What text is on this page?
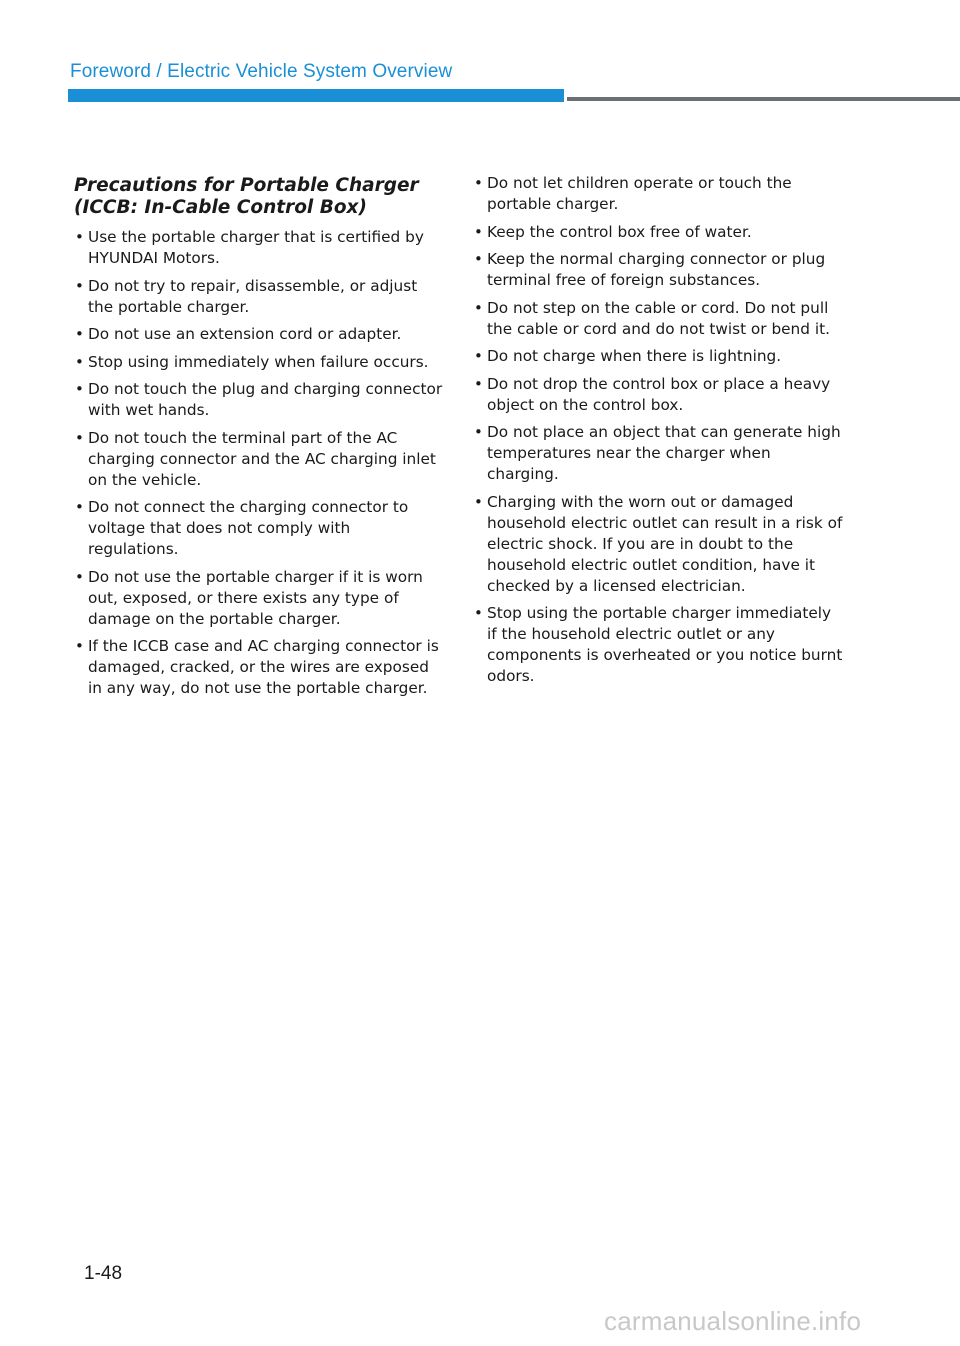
Foreword / Electric Vehicle System Overview
Precautions for Portable Charger (ICCB: In-Cable Control Box)
• Use the portable charger that is certified by HYUNDAI Motors.
• Do not try to repair, disassemble, or adjust the portable charger.
• Do not use an extension cord or adapter.
• Stop using immediately when failure occurs.
• Do not touch the plug and charging connector with wet hands.
• Do not touch the terminal part of the AC charging connector and the AC charging inlet on the vehicle.
• Do not connect the charging connector to voltage that does not comply with regulations.
• Do not use the portable charger if it is worn out, exposed, or there exists any type of damage on the portable charger.
• If the ICCB case and AC charging connector is damaged, cracked, or the wires are exposed in any way, do not use the portable charger.
• Do not let children operate or touch the portable charger.
• Keep the control box free of water.
• Keep the normal charging connector or plug terminal free of foreign substances.
• Do not step on the cable or cord. Do not pull the cable or cord and do not twist or bend it.
• Do not charge when there is lightning.
• Do not drop the control box or place a heavy object on the control box.
• Do not place an object that can generate high temperatures near the charger when charging.
• Charging with the worn out or damaged household electric outlet can result in a risk of electric shock. If you are in doubt to the household electric outlet condition, have it checked by a licensed electrician.
• Stop using the portable charger immediately if the household electric outlet or any components is overheated or you notice burnt odors.
1-48
carmanualsonline.info
